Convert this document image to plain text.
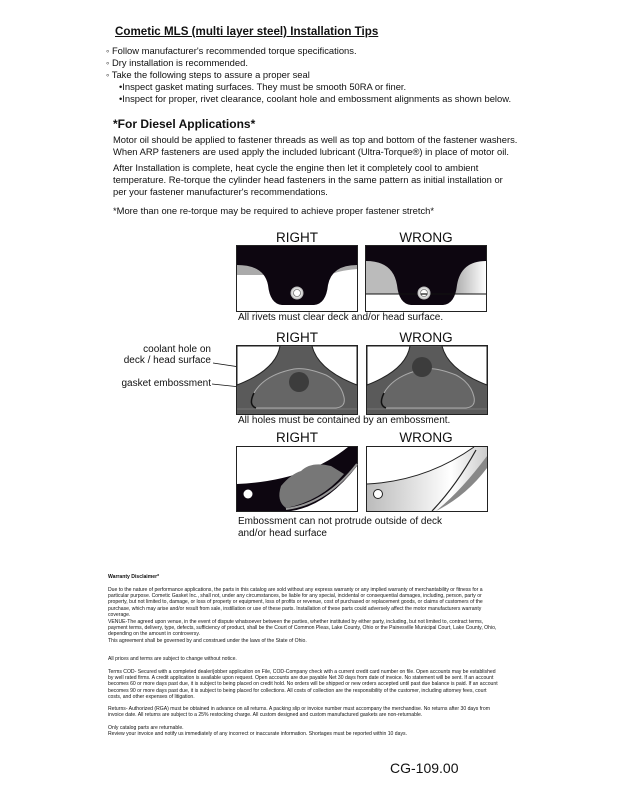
Cometic MLS (multi layer steel) Installation Tips
◦ Follow manufacturer's recommended torque specifications.
◦ Dry installation is recommended.
◦ Take the following steps to assure a proper seal
•Inspect gasket mating surfaces. They must be smooth 50RA or finer.
•Inspect for proper, rivet clearance, coolant hole and embossment alignments as shown below.
*For Diesel Applications*
Motor oil should be applied to fastener threads as well as top and bottom of the fastener washers. When ARP fasteners are used apply the included lubricant (Ultra-Torque®) in place of motor oil.
After Installation is complete, heat cycle the engine then let it completely cool to ambient temperature. Re-torque the cylinder head fasteners in the same pattern as initial installation or per your fastener manufacturer's recommendations.
*More than one re-torque may be required to achieve proper fastener stretch*
RIGHT	WRONG
All rivets must clear deck and/or head surface.
RIGHT	WRONG
coolant hole on
deck / head surface
gasket embossment
All holes must be contained by an embossment.
RIGHT	WRONG
Embossment can not protrude outside of deck
and/or head surface
Warranty Disclaimer*
Due to the nature of performance applications, the parts in this catalog are sold without any express warranty or any implied warranty of merchantability or fitness for a particular purpose. Cometic Gasket Inc., shall not, under any circumstances, be liable for any special, incidental or consequential damages, including, person, party or property, but not limited to, damage, or loss of property or equipment, loss of profits or revenue, cost of purchased or replacement goods, or claims of customers of the purchase, which may arise and/or result from sale, instillation or use of these parts. Installation of these parts could adversely affect the motor manufacturers warranty coverage.
VENUE-The agreed upon venue, in the event of dispute whatsoever between the parties, whether instituted by either party, including, but not limited to, contract terms, payment terms, delivery, type, defects, sufficiency of product, shall be the Court of Common Pleas, Lake County, Ohio or the Painesville Municipal Court, Lake County, Ohio, depending on the amount in controversy.
This agreement shall be governed by and construed under the laws of the State of Ohio.
All prices and terms are subject to change without notice.
Terms COD- Secured with a completed dealer/jobber application on File, COD-Company check with a current credit card number on file. Open accounts may be established by well rated firms. A credit application is available upon request. Open accounts are due payable Net 30 days from date of invoice. No statement will be sent. If an account becomes 60 or more days past due, it is subject to being placed on credit hold. No orders will be shipped or new orders accepted until past due balance is paid. If an account becomes 90 or more days past due, it is subject to being placed for collections. All costs of collection are the responsibility of the customer, including attorney fees, court costs, and other expenses of litigation.
Returns- Authorized (RGA) must be obtained in advance on all returns. A packing slip or invoice number must accompany the merchandise. No returns after 30 days from invoice date. All returns are subject to a 25% restocking charge. All custom designed and custom manufactured gaskets are non-returnable.
Only catalog parts are returnable.
Review your invoice and notify us immediately of any incorrect or inaccurate information. Shortages must be reported within 10 days.
CG-109.00
